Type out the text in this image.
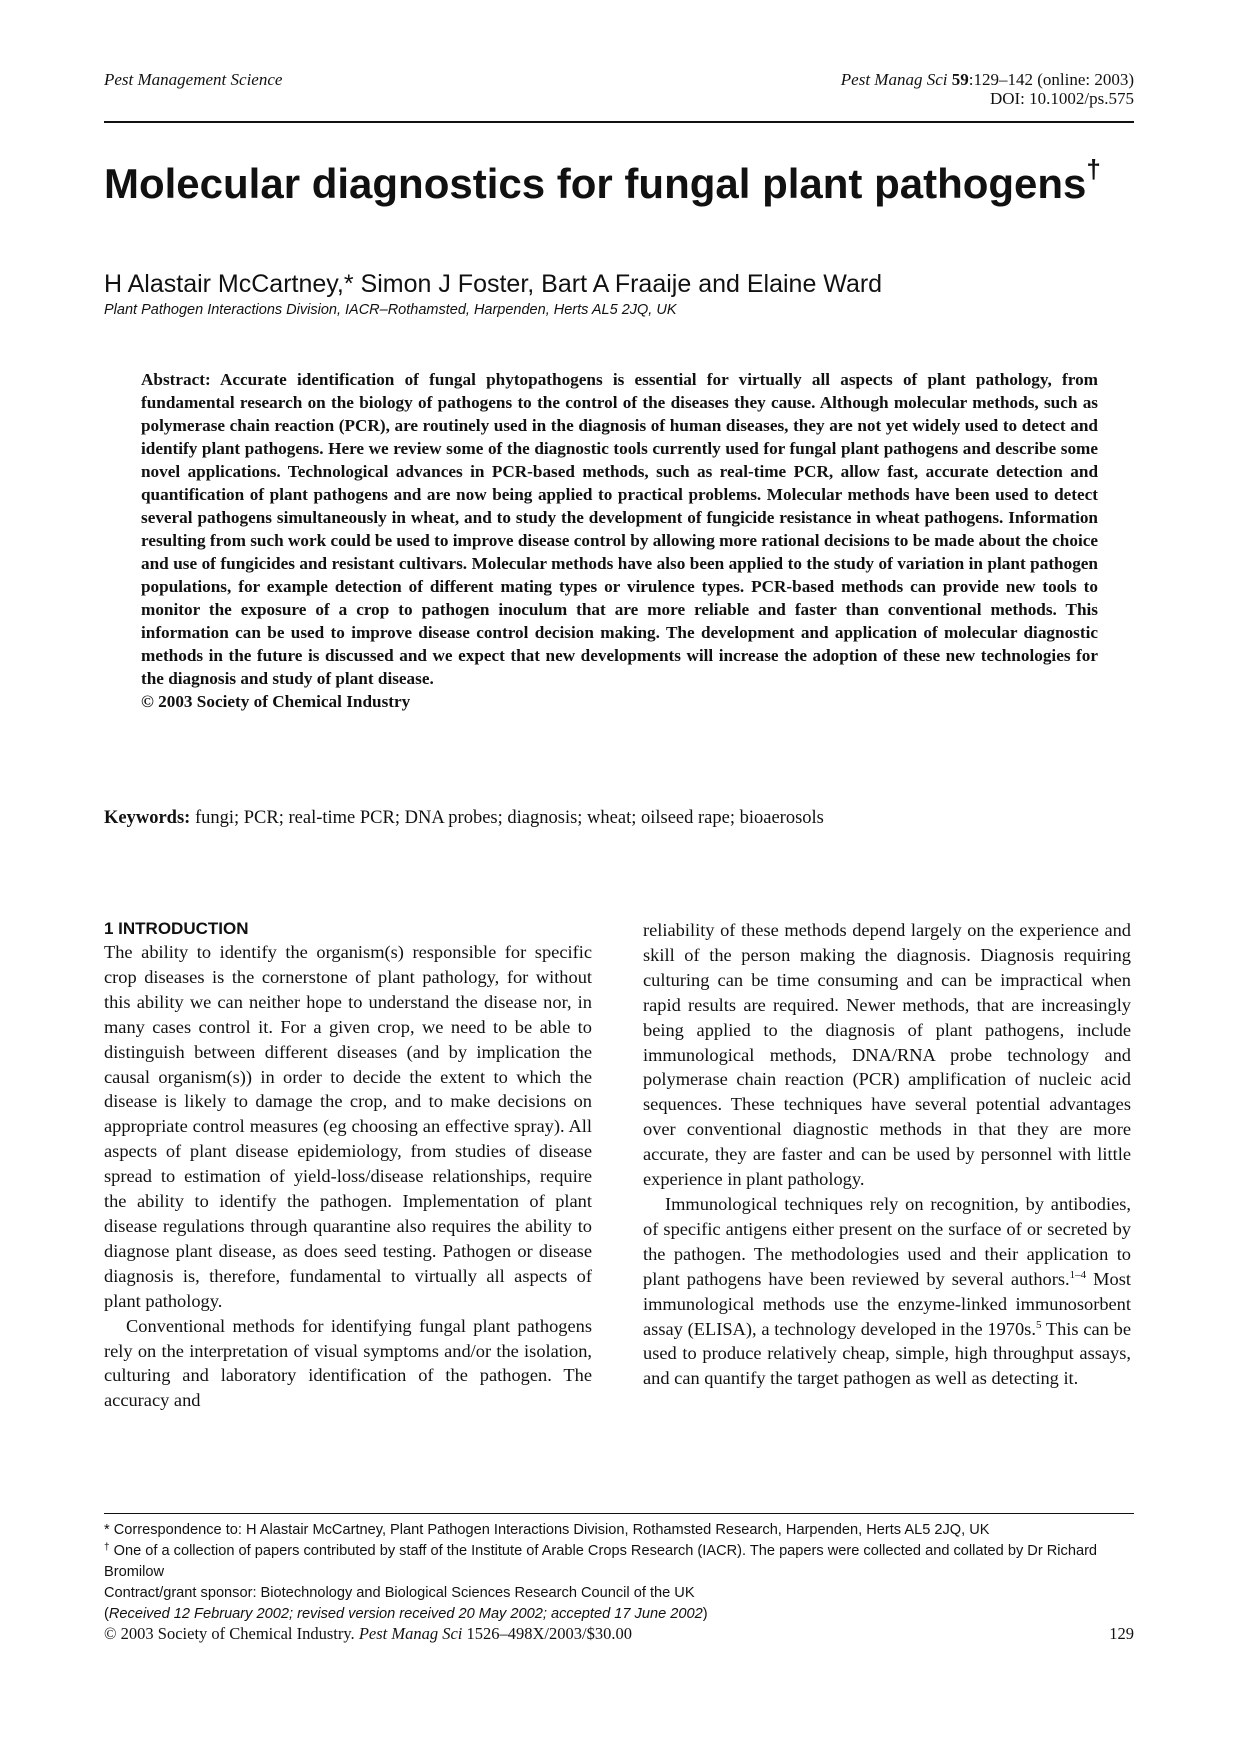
Pest Management Science	Pest Manag Sci 59:129–142 (online: 2003)
DOI: 10.1002/ps.575
Molecular diagnostics for fungal plant pathogens†
H Alastair McCartney,* Simon J Foster, Bart A Fraaije and Elaine Ward
Plant Pathogen Interactions Division, IACR–Rothamsted, Harpenden, Herts AL5 2JQ, UK
Abstract: Accurate identification of fungal phytopathogens is essential for virtually all aspects of plant pathology, from fundamental research on the biology of pathogens to the control of the diseases they cause. Although molecular methods, such as polymerase chain reaction (PCR), are routinely used in the diagnosis of human diseases, they are not yet widely used to detect and identify plant pathogens. Here we review some of the diagnostic tools currently used for fungal plant pathogens and describe some novel applications. Technological advances in PCR-based methods, such as real-time PCR, allow fast, accurate detection and quantification of plant pathogens and are now being applied to practical problems. Molecular methods have been used to detect several pathogens simultaneously in wheat, and to study the development of fungicide resistance in wheat pathogens. Information resulting from such work could be used to improve disease control by allowing more rational decisions to be made about the choice and use of fungicides and resistant cultivars. Molecular methods have also been applied to the study of variation in plant pathogen populations, for example detection of different mating types or virulence types. PCR-based methods can provide new tools to monitor the exposure of a crop to pathogen inoculum that are more reliable and faster than conventional methods. This information can be used to improve disease control decision making. The development and application of molecular diagnostic methods in the future is discussed and we expect that new developments will increase the adoption of these new technologies for the diagnosis and study of plant disease.
© 2003 Society of Chemical Industry
Keywords: fungi; PCR; real-time PCR; DNA probes; diagnosis; wheat; oilseed rape; bioaerosols
1 INTRODUCTION

The ability to identify the organism(s) responsible for specific crop diseases is the cornerstone of plant pathology, for without this ability we can neither hope to understand the disease nor, in many cases control it. For a given crop, we need to be able to distinguish between different diseases (and by implication the causal organism(s)) in order to decide the extent to which the disease is likely to damage the crop, and to make decisions on appropriate control measures (eg choosing an effective spray). All aspects of plant disease epidemiology, from studies of disease spread to estimation of yield-loss/disease relationships, require the ability to identify the pathogen. Implementation of plant disease regulations through quarantine also requires the ability to diagnose plant disease, as does seed testing. Pathogen or disease diagnosis is, therefore, fundamental to virtually all aspects of plant pathology.

Conventional methods for identifying fungal plant pathogens rely on the interpretation of visual symptoms and/or the isolation, culturing and laboratory identification of the pathogen. The accuracy and

reliability of these methods depend largely on the experience and skill of the person making the diagnosis. Diagnosis requiring culturing can be time consuming and can be impractical when rapid results are required. Newer methods, that are increasingly being applied to the diagnosis of plant pathogens, include immunological methods, DNA/RNA probe technology and polymerase chain reaction (PCR) amplification of nucleic acid sequences. These techniques have several potential advantages over conventional diagnostic methods in that they are more accurate, they are faster and can be used by personnel with little experience in plant pathology.

Immunological techniques rely on recognition, by antibodies, of specific antigens either present on the surface of or secreted by the pathogen. The methodologies used and their application to plant pathogens have been reviewed by several authors.$^{1-4}$ Most immunological methods use the enzyme-linked immunosorbent assay (ELISA), a technology developed in the 1970s.$^5$ This can be used to produce relatively cheap, simple, high throughput assays, and can quantify the target pathogen as well as detecting it.

* Correspondence to: H Alastair McCartney, Plant Pathogen Interactions Division, Rothamsted Research, Harpenden, Herts AL5 2JQ, UK

† One of a collection of papers contributed by staff of the Institute of Arable Crops Research (IACR). The papers were collected and collated by Dr Richard Bromilow

Contract/grant sponsor: Biotechnology and Biological Sciences Research Council of the UK

(Received 12 February 2002; revised version received 20 May 2002; accepted 17 June 2002)

© 2003 Society of Chemical Industry. Pest Manag Sci 1526–498X/2003/$30.00	129
